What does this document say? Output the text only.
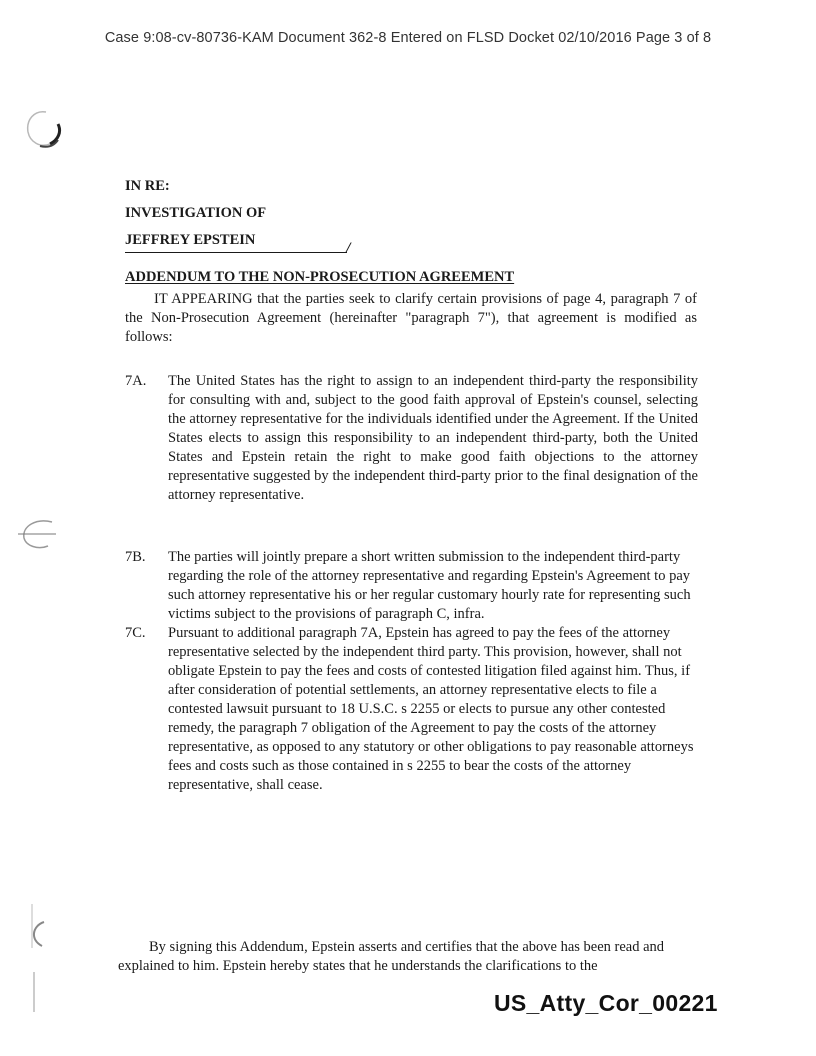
Case 9:08-cv-80736-KAM Document 362-8 Entered on FLSD Docket 02/10/2016 Page 3 of 8
IN RE:
INVESTIGATION OF
JEFFREY EPSTEIN	/
ADDENDUM TO THE NON-PROSECUTION AGREEMENT
IT APPEARING that the parties seek to clarify certain provisions of page 4, paragraph 7 of the Non-Prosecution Agreement (hereinafter "paragraph 7"), that agreement is modified as follows:
7A. The United States has the right to assign to an independent third-party the responsibility for consulting with and, subject to the good faith approval of Epstein's counsel, selecting the attorney representative for the individuals identified under the Agreement. If the United States elects to assign this responsibility to an independent third-party, both the United States and Epstein retain the right to make good faith objections to the attorney representative suggested by the independent third-party prior to the final designation of the attorney representative.
7B. The parties will jointly prepare a short written submission to the independent third-party regarding the role of the attorney representative and regarding Epstein's Agreement to pay such attorney representative his or her regular customary hourly rate for representing such victims subject to the provisions of paragraph C, infra.
7C. Pursuant to additional paragraph 7A, Epstein has agreed to pay the fees of the attorney representative selected by the independent third party. This provision, however, shall not obligate Epstein to pay the fees and costs of contested litigation filed against him. Thus, if after consideration of potential settlements, an attorney representative elects to file a contested lawsuit pursuant to 18 U.S.C. s 2255 or elects to pursue any other contested remedy, the paragraph 7 obligation of the Agreement to pay the costs of the attorney representative, as opposed to any statutory or other obligations to pay reasonable attorneys fees and costs such as those contained in s 2255 to bear the costs of the attorney representative, shall cease.
By signing this Addendum, Epstein asserts and certifies that the above has been read and explained to him. Epstein hereby states that he understands the clarifications to the
US_Atty_Cor_00221
